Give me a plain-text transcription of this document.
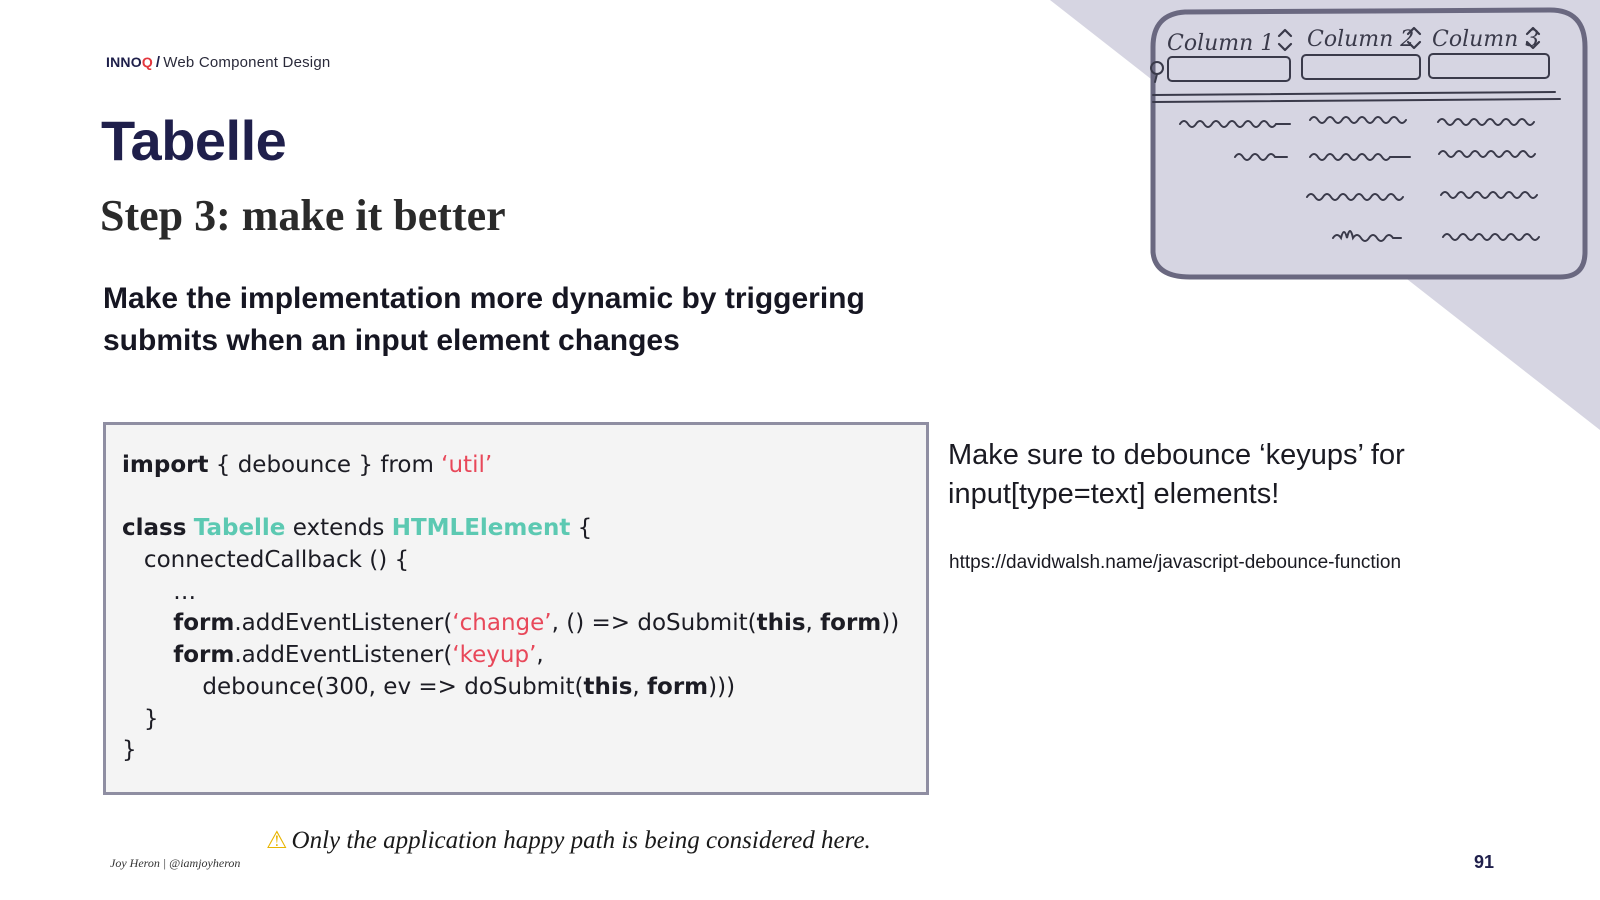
Column 1 Column 2 Column 3
INNOQ / Web Component Design
Tabelle
Step 3: make it better

Make the implementation more dynamic by triggering submits when an input element changes

import { debounce } from ‘util’
class Tabelle extends HTMLElement {
connectedCallback () {
…
form.addEventListener(‘change’, () => doSubmit(this, form))
form.addEventListener(‘keyup’,
debounce(300, ev => doSubmit(this, form)))
}
}

Make sure to debounce ‘keyups’ for input[type=text] elements!

https://davidwalsh.name/javascript-debounce-function
⚠ Only the application happy path is being considered here.
Joy Heron | @iamjoyheron	91
